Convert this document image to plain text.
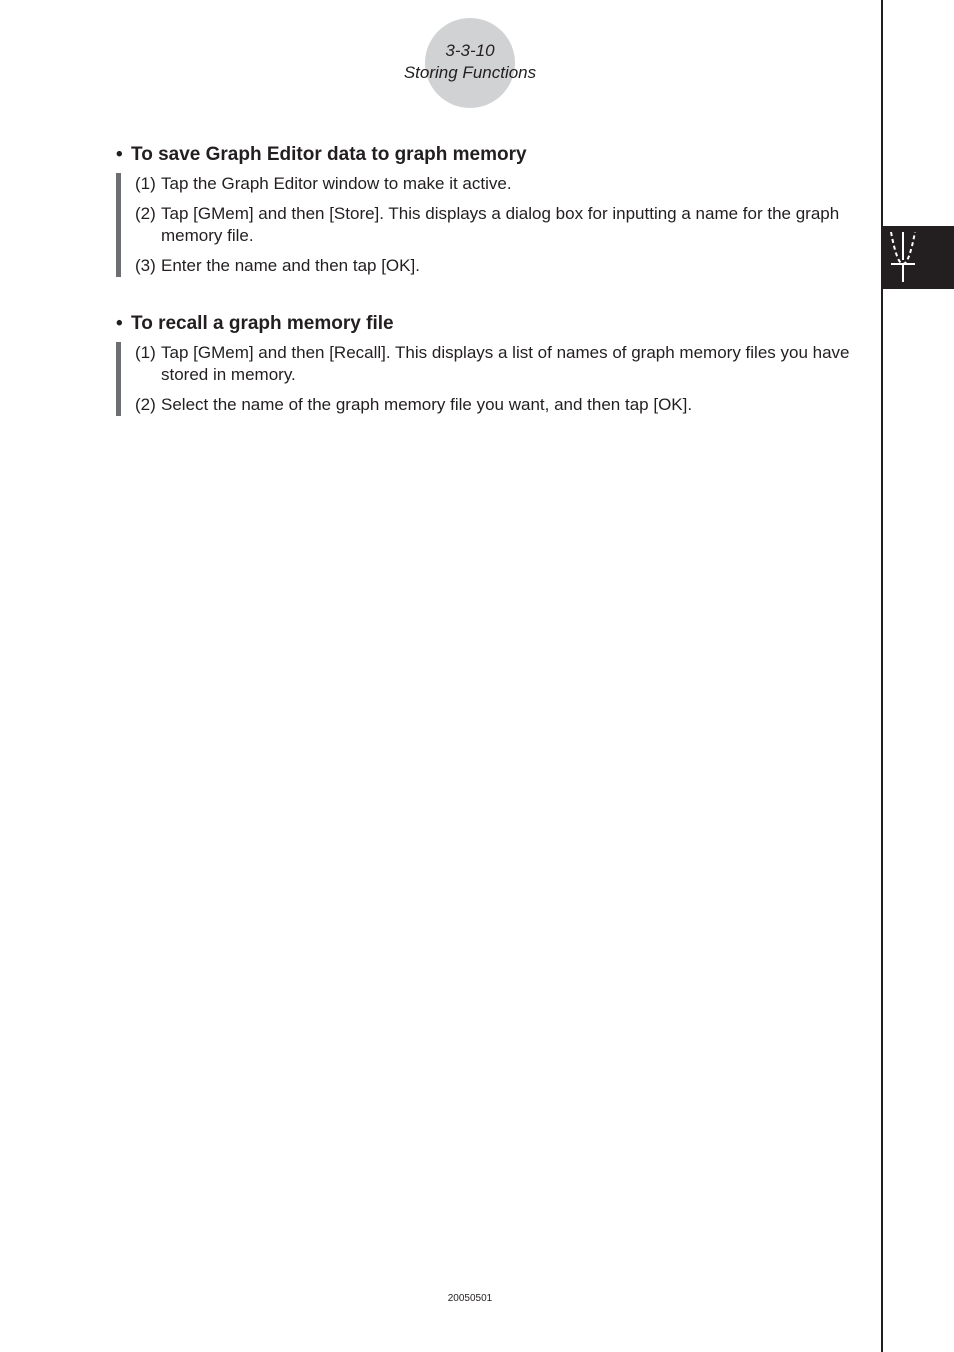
3-3-10
Storing Functions

• To save Graph Editor data to graph memory

(1) Tap the Graph Editor window to make it active.
(2) Tap [GMem] and then [Store]. This displays a dialog box for inputting a name for the graph memory file.
(3) Enter the name and then tap [OK].

• To recall a graph memory file

(1) Tap [GMem] and then [Recall]. This displays a list of names of graph memory files you have stored in memory.
(2) Select the name of the graph memory file you want, and then tap [OK].
20050501
